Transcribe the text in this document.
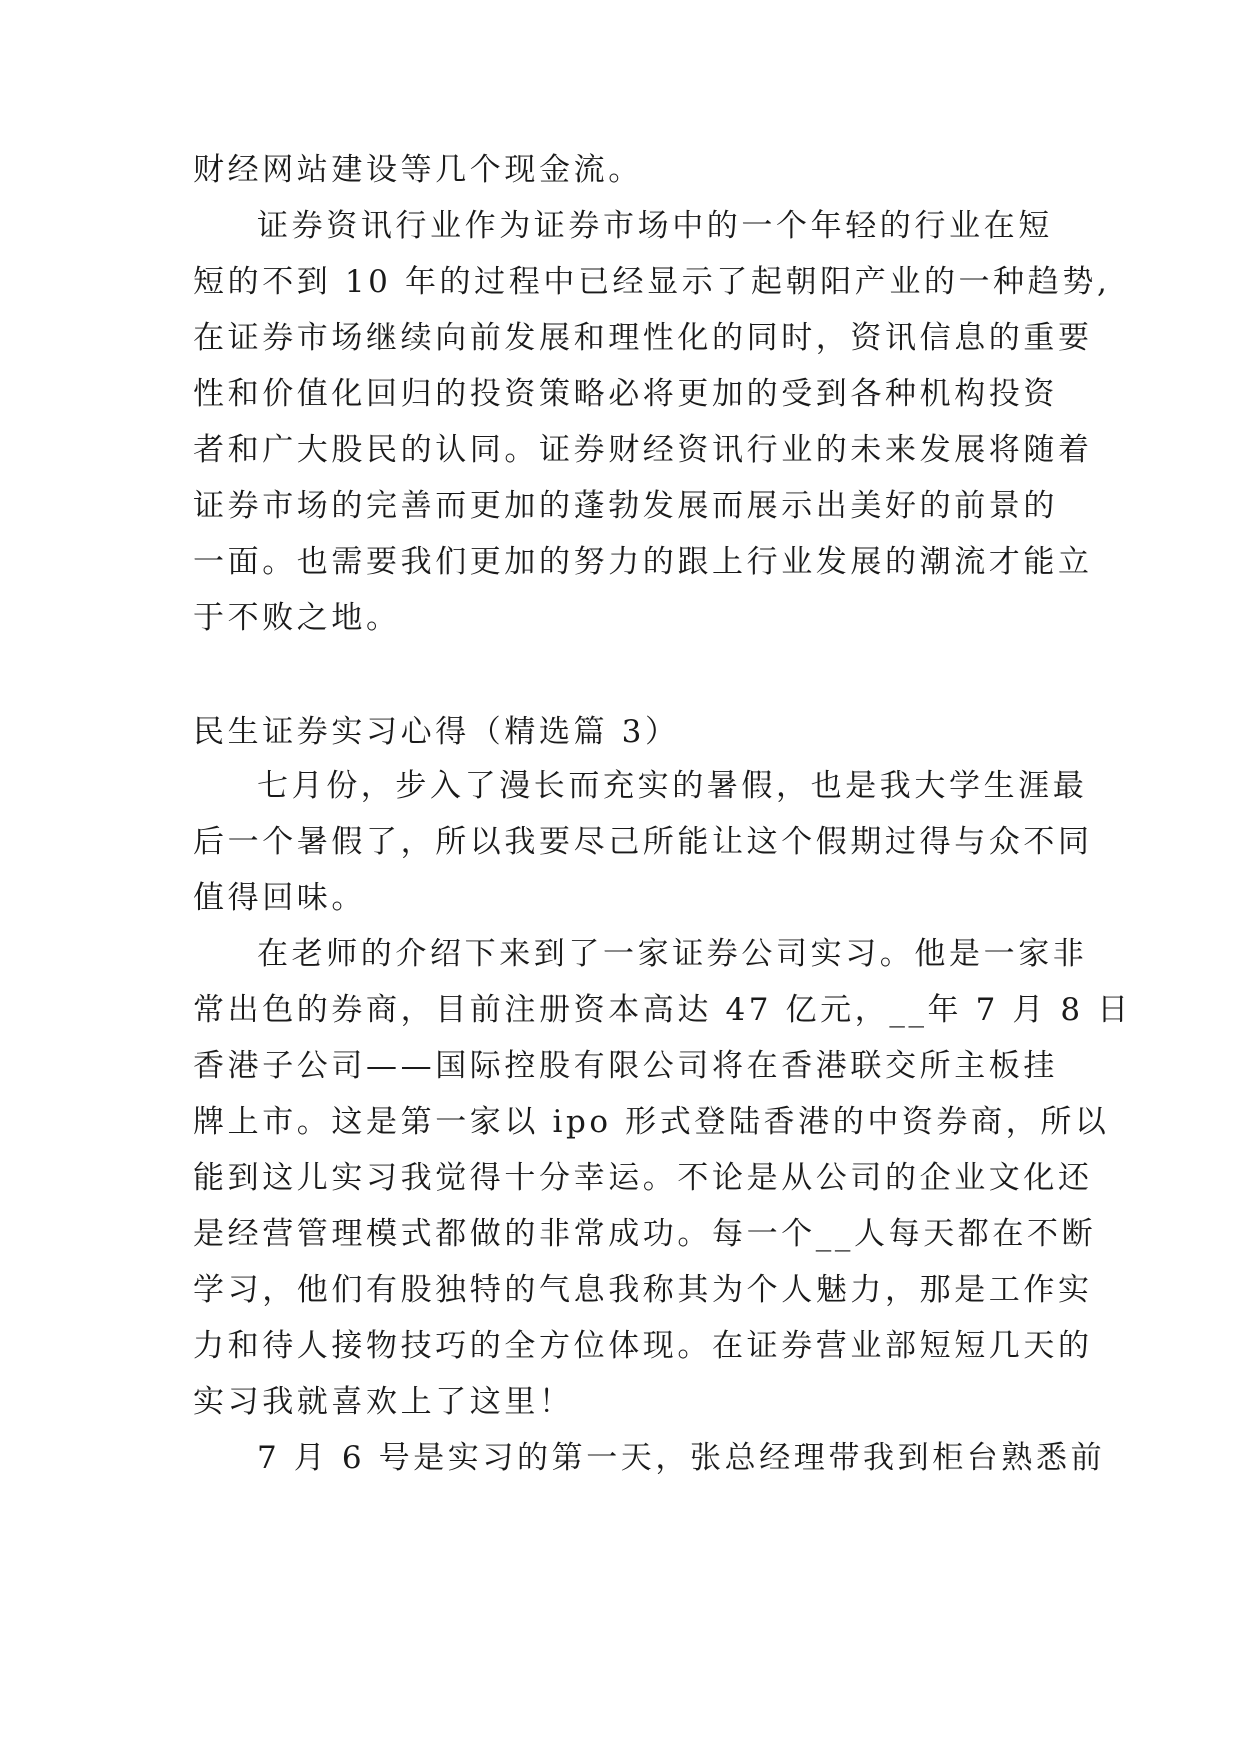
财经网站建设等几个现金流。
证券资讯行业作为证券市场中的一个年轻的行业在短
短的不到 10 年的过程中已经显示了起朝阳产业的一种趋势,
在证券市场继续向前发展和理性化的同时，资讯信息的重要
性和价值化回归的投资策略必将更加的受到各种机构投资
者和广大股民的认同。证券财经资讯行业的未来发展将随着
证券市场的完善而更加的蓬勃发展而展示出美好的前景的
一面。也需要我们更加的努力的跟上行业发展的潮流才能立
于不败之地。
民生证券实习心得（精选篇 3）
七月份，步入了漫长而充实的暑假，也是我大学生涯最
后一个暑假了，所以我要尽己所能让这个假期过得与众不同
值得回味。
在老师的介绍下来到了一家证券公司实习。他是一家非
常出色的券商，目前注册资本高达 47 亿元，__年 7 月 8 日
香港子公司——国际控股有限公司将在香港联交所主板挂
牌上市。这是第一家以 ipo 形式登陆香港的中资券商，所以
能到这儿实习我觉得十分幸运。不论是从公司的企业文化还
是经营管理模式都做的非常成功。每一个__人每天都在不断
学习，他们有股独特的气息我称其为个人魅力，那是工作实
力和待人接物技巧的全方位体现。在证券营业部短短几天的
实习我就喜欢上了这里！
7 月 6 号是实习的第一天，张总经理带我到柜台熟悉前
